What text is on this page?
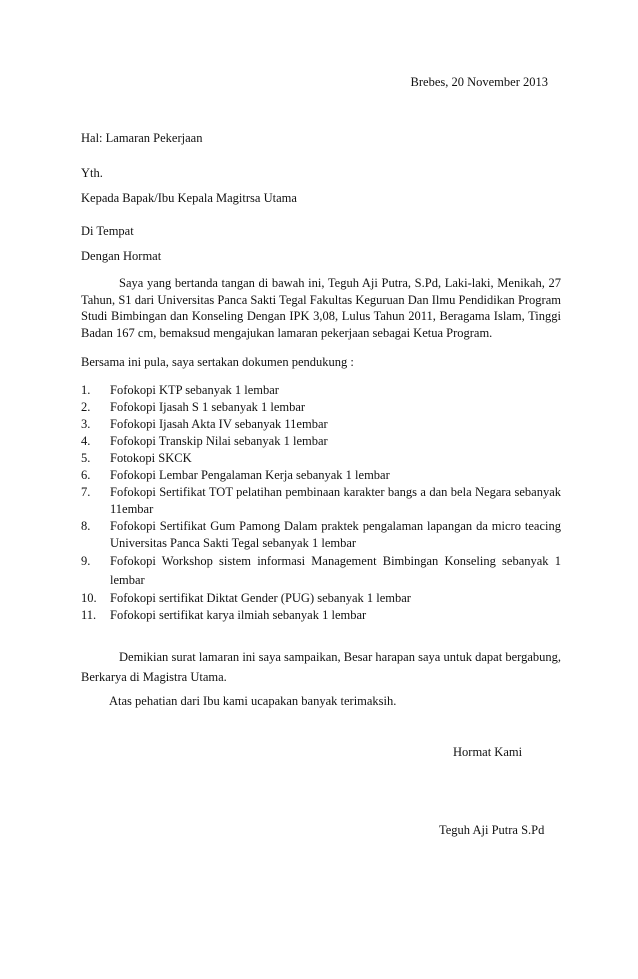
Brebes, 20 November 2013

Hal: Lamaran Pekerjaan

Yth.

Kepada Bapak/Ibu Kepala Magitrsa Utama

Di Tempat

Dengan Hormat

Saya yang bertanda tangan di bawah ini, Teguh Aji Putra, S.Pd, Laki-laki, Menikah, 27 Tahun, S1 dari Universitas Panca Sakti Tegal Fakultas Keguruan Dan Ilmu Pendidikan Program Studi Bimbingan dan Konseling Dengan IPK 3,08, Lulus Tahun 2011, Beragama Islam, Tinggi Badan 167 cm, bemaksud mengajukan lamaran pekerjaan sebagai Ketua Program.

Bersama ini pula, saya sertakan dokumen pendukung :

1.	Fofokopi KTP sebanyak 1 lembar
2.	Fofokopi Ijasah S 1 sebanyak 1 lembar
3.	Fofokopi Ijasah Akta IV sebanyak 11embar
4.	Fofokopi Transkip Nilai sebanyak 1 lembar
5.	Fotokopi SKCK
6.	Fofokopi Lembar Pengalaman Kerja sebanyak 1 lembar
7.	Fofokopi Sertifikat TOT pelatihan pembinaan karakter bangs a dan bela Negara sebanyak 11embar
8.	Fofokopi Sertifikat Gum Pamong Dalam praktek pengalaman lapangan da micro teacing Universitas Panca Sakti Tegal sebanyak 1 lembar
9.	Fofokopi Workshop sistem informasi Management Bimbingan Konseling sebanyak 1 lembar
10.	Fofokopi sertifikat Diktat Gender (PUG) sebanyak 1 lembar
11.	Fofokopi sertifikat karya ilmiah sebanyak 1 lembar

Demikian surat lamaran ini saya sampaikan, Besar harapan saya untuk dapat bergabung, Berkarya di Magistra Utama.

Atas pehatian dari Ibu kami ucapakan banyak terimaksih.

Hormat Kami

Teguh Aji Putra S.Pd
